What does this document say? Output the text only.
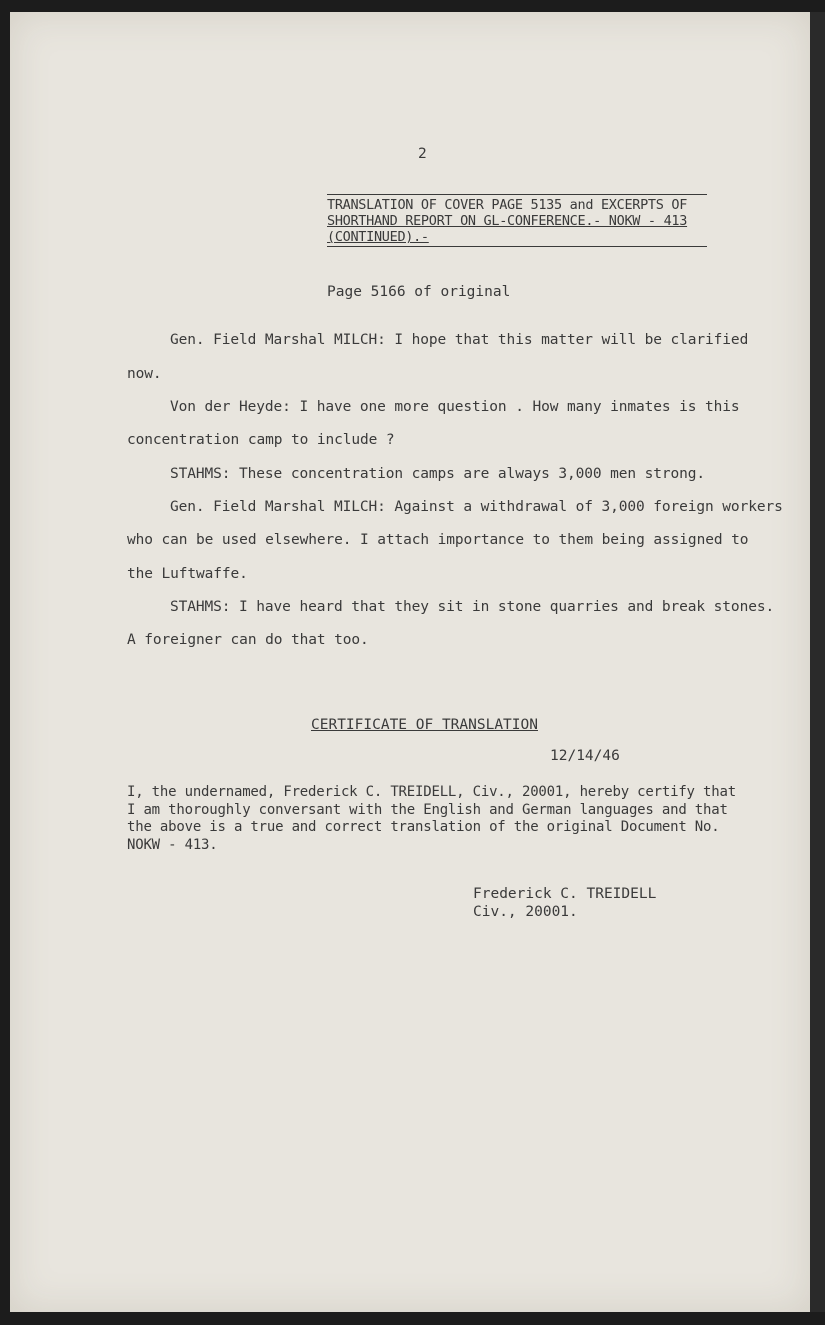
2
TRANSLATION OF COVER PAGE 5135 and EXCERPTS OF
SHORTHAND REPORT ON GL-CONFERENCE.- NOKW - 413
(CONTINUED).-
Page 5166 of original
Gen. Field Marshal MILCH: I hope that this matter will be clarified
now.
Von der Heyde: I have one more question . How many inmates is this
concentration camp to include ?
STAHMS: These concentration camps are always 3,000 men strong.
Gen. Field Marshal MILCH: Against a withdrawal of 3,000 foreign workers
who can be used elsewhere. I attach importance to them being assigned to
the Luftwaffe.
STAHMS: I have heard that they sit in stone quarries and break stones.
A foreigner can do that too.
CERTIFICATE OF TRANSLATION
12/14/46
I, the undernamed, Frederick C. TREIDELL, Civ., 20001, hereby certify that
I am thoroughly conversant with the English and German languages and that
the above is a true and correct translation of the original Document No.
NOKW - 413.
Frederick C. TREIDELL
Civ., 20001.
